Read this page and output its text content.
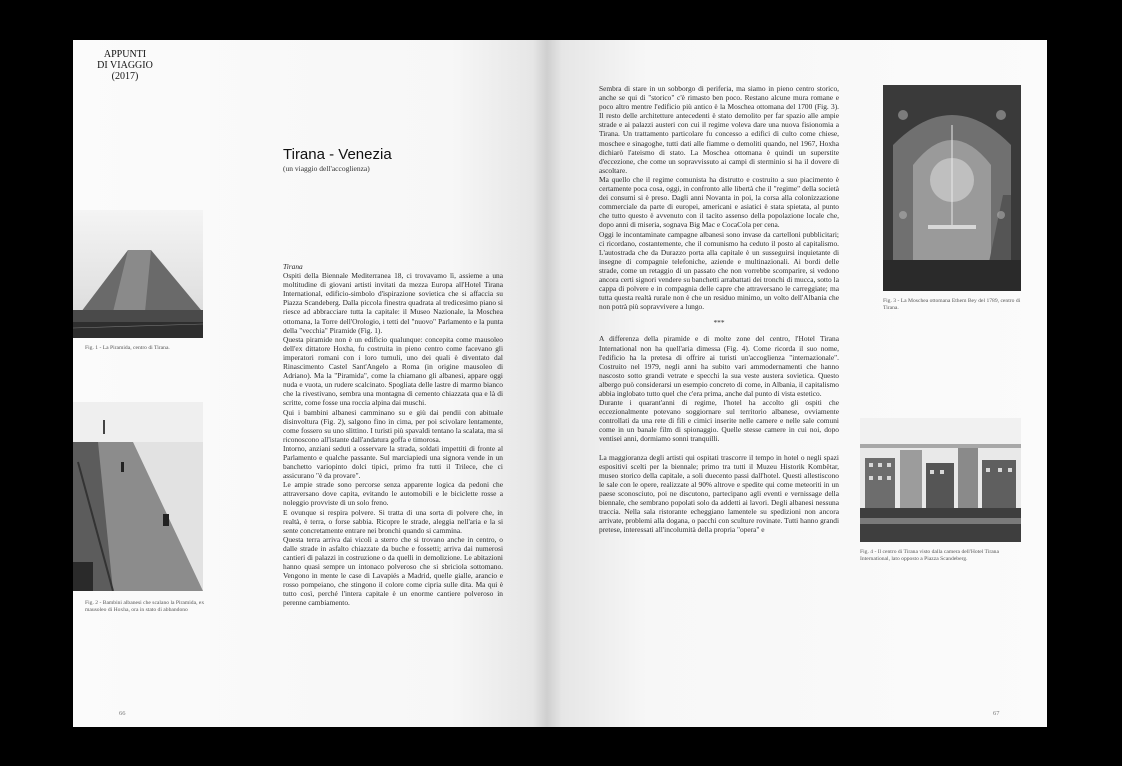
APPUNTI
DI VIAGGIO
(2017)
Tirana - Venezia
(un viaggio dell'accoglienza)
Fig. 1 - La Piramida, centro di Tirana.
Fig. 2 - Bambini albanesi che scalano la Piramida, ex mausoleo di Hoxha, ora in stato di abbandono

Tirana

Ospiti della Biennale Mediterranea 18, ci trovavamo lì, assieme a una moltitudine di giovani artisti invitati da mezza Europa all'Hotel Tirana International, edificio-simbolo d'ispirazione sovietica che si affaccia su Piazza Scandeberg. Dalla piccola finestra quadrata al tredicesimo piano si riesce ad abbracciare tutta la capitale: il Museo Nazionale, la Moschea ottomana, la Torre dell'Orologio, i tetti del "nuovo" Parlamento e la punta della "vecchia" Piramide (Fig. 1).

Questa piramide non è un edificio qualunque: concepita come mausoleo dell'ex dittatore Hoxha, fu costruita in pieno centro come facevano gli imperatori romani con i loro tumuli, uno dei quali è diventato dal Rinascimento Castel Sant'Angelo a Roma (in origine mausoleo di Adriano). Ma la "Piramida", come la chiamano gli albanesi, appare oggi nuda e vuota, un rudere scalcinato. Spogliata delle lastre di marmo bianco che la rivestivano, sembra una montagna di cemento chiazzata qua e là di scritte, come fosse una roccia alpina dai muschi.

Qui i bambini albanesi camminano su e giù dai pendii con abituale disinvoltura (Fig. 2), salgono fino in cima, per poi scivolare lentamente, come fossero su uno slittino. I turisti più spavaldi tentano la scalata, ma si riconoscono all'istante dall'andatura goffa e timorosa.

Intorno, anziani seduti a osservare la strada, soldati impettiti di fronte al Parlamento e qualche passante. Sul marciapiedi una signora vende in un banchetto variopinto dolci tipici, primo fra tutti il Trilece, che ci assicurano "è da provare".

Le ampie strade sono percorse senza apparente logica da pedoni che attraversano dove capita, evitando le automobili e le biciclette rosse a noleggio provviste di un solo freno.

E ovunque si respira polvere. Si tratta di una sorta di polvere che, in realtà, è terra, o forse sabbia. Ricopre le strade, aleggia nell'aria e la si sente concretamente entrare nei bronchi quando si cammina.

Questa terra arriva dai vicoli a sterro che si trovano anche in centro, o dalle strade in asfalto chiazzate da buche e fossetti; arriva dai numerosi cantieri di palazzi in costruzione o da quelli in demolizione. Le abitazioni hanno quasi sempre un intonaco polveroso che si sbriciola sottomano. Vengono in mente le case di Lavapiés a Madrid, quelle gialle, arancio e rosso pompeiano, che stingono il colore come cipria sulle dita. Ma qui è tutto così, perché l'intera capitale è un enorme cantiere polveroso in perenne cambiamento.

66

Sembra di stare in un sobborgo di periferia, ma siamo in pieno centro storico, anche se qui di "storico" c'è rimasto ben poco. Restano alcune mura romane e poco altro mentre l'edificio più antico è la Moschea ottomana del 1700 (Fig. 3). Il resto delle architetture antecedenti è stato demolito per far spazio alle ampie strade e ai palazzi austeri con cui il regime voleva dare una nuova fisionomia a Tirana. Un trattamento particolare fu concesso a edifici di culto come chiese, moschee e sinagoghe, tutti dati alle fiamme o demoliti quando, nel 1967, Hoxha dichiarò l'ateismo di stato. La Moschea ottomana è quindi un superstite d'eccezione, che come un sopravvissuto ai campi di sterminio si ha il dovere di ascoltare.

Ma quello che il regime comunista ha distrutto e costruito a suo piacimento è certamente poca cosa, oggi, in confronto alle libertà che il "regime" della società dei consumi si è preso. Dagli anni Novanta in poi, la corsa alla colonizzazione commerciale da parte di europei, americani e asiatici è stata spietata, al punto che tutto questo è avvenuto con il tacito assenso della popolazione locale che, dopo anni di miseria, sognava Big Mac e CocaCola per cena.

Oggi le incontaminate campagne albanesi sono invase da cartelloni pubblicitari; ci ricordano, costantemente, che il comunismo ha ceduto il posto al capitalismo. L'autostrada che da Durazzo porta alla capitale è un susseguirsi inquietante di insegne di compagnie telefoniche, aziende e multinazionali. Ai bordi delle strade, come un retaggio di un passato che non vorrebbe scomparire, si vedono ancora certi signori vendere su banchetti arrabattati dei tronchi di mucca, sotto la cappa di polvere e in compagnia delle capre che attraversano le carreggiate; ma tutta questa realtà rurale non è che un residuo minimo, un volto dell'Albania che non potrà più sopravvivere a lungo.

***

A differenza della piramide e di molte zone del centro, l'Hotel Tirana International non ha quell'aria dimessa (Fig. 4). Come ricorda il suo nome, l'edificio ha la pretesa di offrire ai turisti un'accoglienza "internazionale". Costruito nel 1979, negli anni ha subito vari ammodernamenti che hanno nascosto sotto grandi vetrate e specchi la sua veste austera sovietica. Questo albergo può considerarsi un esempio concreto di come, in Albania, il capitalismo abbia inglobato tutto quel che c'era prima, anche dal punto di vista estetico.

Durante i quarant'anni di regime, l'hotel ha accolto gli ospiti che eccezionalmente potevano soggiornare sul territorio albanese, ovviamente controllati da una rete di fili e cimici inserite nelle camere e nelle sale comuni come in un banale film di spionaggio. Quelle stesse camere in cui noi, dopo ventisei anni, dormiamo sonni tranquilli.

La maggioranza degli artisti qui ospitati trascorre il tempo in hotel o negli spazi espositivi scelti per la biennale; primo tra tutti il Muzeu Historik Kombëtar, museo storico della capitale, a soli duecento passi dall'hotel. Questi allestiscono le sale con le opere, realizzate al 90% altrove e spedite qui come meteoriti in un paese sconosciuto, poi ne discutono, partecipano agli eventi e vernissage della biennale, che sembrano popolati solo da addetti ai lavori. Degli albanesi nessuna traccia. Nella sala ristorante echeggiano lamentele su spedizioni non ancora arrivate, problemi alla dogana, o pacchi con sculture rovinate. Tutti hanno grandi pretese, interessati all'incolumità della propria "opera" e

Fig. 3 - La Moschea ottomana Ethem Bey del 1789, centro di Tirana.
Fig. 4 - Il centro di Tirana visto dalla camera dell'Hotel Tirana International, lato opposto a Piazza Scandeberg.
67
